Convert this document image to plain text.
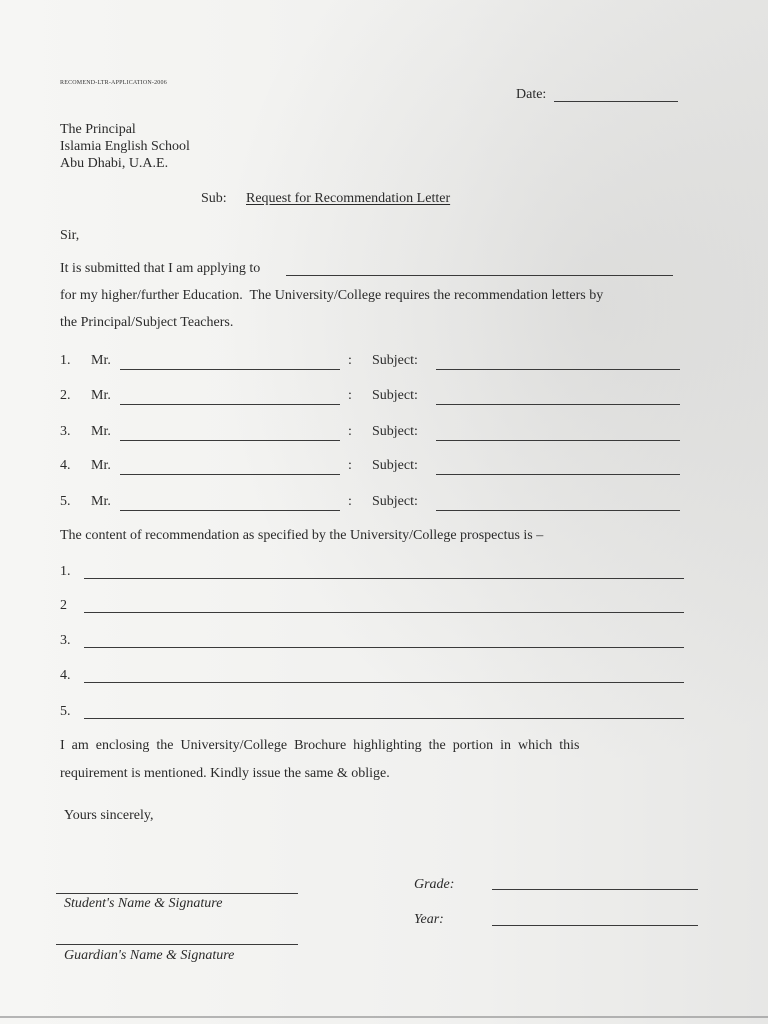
RECOMEND-LTR-APPLICATION-2006
Date:
The Principal
Islamia English School
Abu Dhabi, U.A.E.
Sub: Request for Recommendation Letter
Sir,
It is submitted that I am applying to
for my higher/further Education.  The University/College requires the recommendation letters by
the Principal/Subject Teachers.
1. Mr.	: Subject:
2. Mr.	: Subject:
3. Mr.	: Subject:
4. Mr.	: Subject:
5. Mr.	: Subject:
The content of recommendation as specified by the University/College prospectus is –
1.
2
3.
4.
5.
I  am  enclosing  the  University/College  Brochure  highlighting  the  portion  in  which  this
requirement is mentioned. Kindly issue the same & oblige.
Yours sincerely,
Student's Name & Signature
Guardian's Name & Signature
Grade:
Year:
